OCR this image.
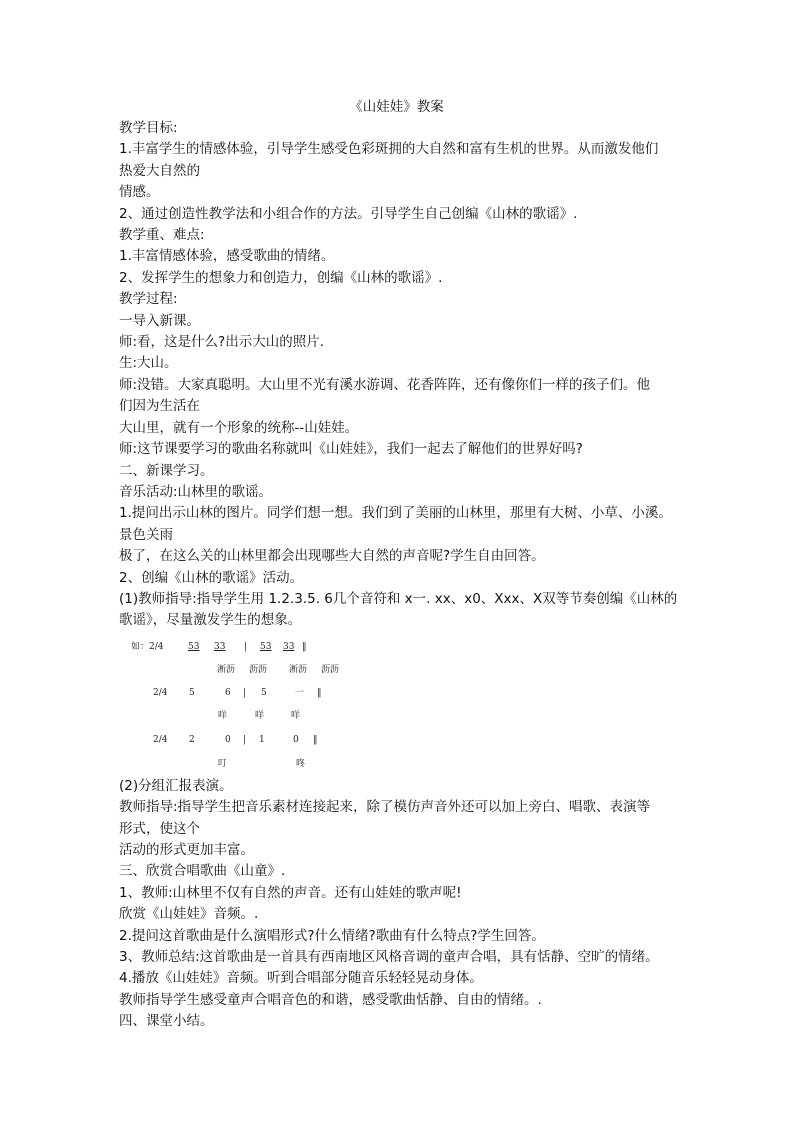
《山娃娃》教案
教学目标:
1.丰富学生的情感体验，引导学生感受色彩斑拥的大自然和富有生机的世界。从而激发他们
热爱大自然的
情感。
2、通过创造性教学法和小组合作的方法。引导学生自己创编《山林的歌谣》.
教学重、难点:
1.丰富情感体验，感受歌曲的情绪。
2、发挥学生的想象力和创造力，创编《山林的歌谣》.
教学过程:
一导入新课。
师:看，这是什么?出示大山的照片.
生:大山。
师:没错。大家真聪明。大山里不光有溪水游调、花香阵阵，还有像你们一样的孩子们。他
们因为生活在
大山里，就有一个形象的统称--山娃娃。
师:这节课要学习的歌曲名称就叫《山娃娃》，我们一起去了解他们的世界好吗?
二、新课学习。
音乐活动:山林里的歌谣。
1.提问出示山林的图片。同学们想一想。我们到了美丽的山林里，那里有大树、小草、小溪。
景色关雨
极了，在这么关的山林里都会出现哪些大自然的声音呢?学生自由回答。
2、创编《山林的歌谣》活动。
(1)教师指导:指导学生用 1.2.3.5. 6几个音符和 x一. xx、x0、Xxx、X双等节奏创编《山林的
歌谣》，尽量激发学生的想象。
如：2/4	53 33 | 53 33 ‖
淅沥 沥沥 淅沥 沥沥
2/4 5	6 | 5	一 ‖
咩	咩	咩
2/4 2	0 | 1	0 ‖
叮	咚
(2)分组汇报表演。
教师指导:指导学生把音乐素材连接起来，除了模仿声音外还可以加上旁白、唱歌、表演等
形式，使这个
活动的形式更加丰富。
三、欣赏合唱歌曲《山童》.
1、教师:山林里不仅有自然的声音。还有山娃娃的歌声呢!
欣赏《山娃娃》音频。.
2.提问这首歌曲是什么演唱形式?什么情绪?歌曲有什么特点?学生回答。
3、教师总结:这首歌曲是一首具有西南地区风格音调的童声合唱，具有恬静、空旷的情绪。
4.播放《山娃娃》音频。听到合唱部分随音乐轻轻晃动身体。
教师指导学生感受童声合唱音色的和谐，感受歌曲恬静、自由的情绪。.
四、课堂小结。
